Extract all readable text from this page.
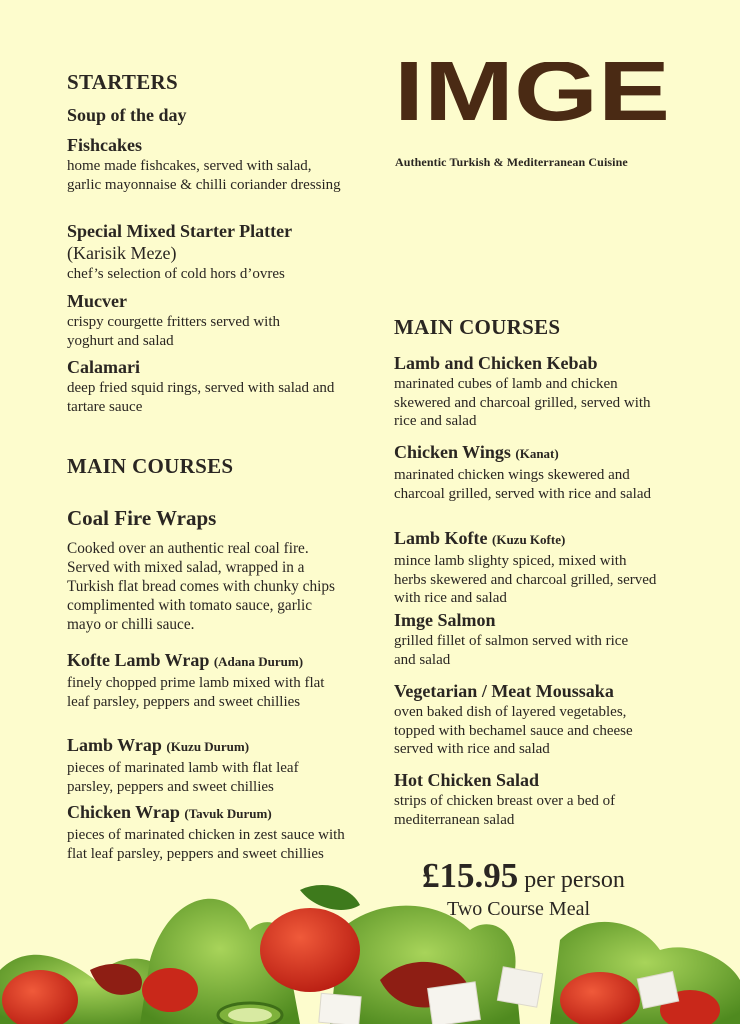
STARTERS
Soup of the day
Fishcakes
home made fishcakes, served with salad, garlic mayonnaise & chilli coriander dressing
Special Mixed Starter Platter
(Karisik Meze)
chef’s selection of cold hors d’ovres
Mucver
crispy courgette fritters served with yoghurt and salad
Calamari
deep fried squid rings, served with salad and tartare sauce
MAIN COURSES
Coal Fire Wraps
Cooked over an authentic real coal fire. Served with mixed salad, wrapped in a Turkish flat bread comes with chunky chips complimented with tomato sauce, garlic mayo or chilli sauce.
Kofte Lamb Wrap (Adana Durum)
finely chopped prime lamb mixed with flat leaf parsley, peppers and sweet chillies
Lamb Wrap (Kuzu Durum)
pieces of marinated lamb with flat leaf parsley, peppers and sweet chillies
Chicken Wrap (Tavuk Durum)
pieces of marinated chicken in zest sauce with flat leaf parsley, peppers and sweet chillies
IMGE
Authentic Turkish & Mediterranean Cuisine
MAIN COURSES
Lamb and Chicken Kebab
marinated cubes of lamb and chicken skewered and charcoal grilled, served with rice and salad
Chicken Wings (Kanat)
marinated chicken wings skewered and charcoal grilled, served with rice and salad
Lamb Kofte (Kuzu Kofte)
mince lamb slighty spiced, mixed with herbs skewered and charcoal grilled, served with rice and salad
Imge Salmon
grilled fillet of salmon served with rice and salad
Vegetarian / Meat Moussaka
oven baked dish of layered vegetables, topped with bechamel sauce and cheese served with rice and salad
Hot Chicken Salad
strips of chicken breast over a bed of mediterranean salad
£15.95 per person
Two Course Meal
